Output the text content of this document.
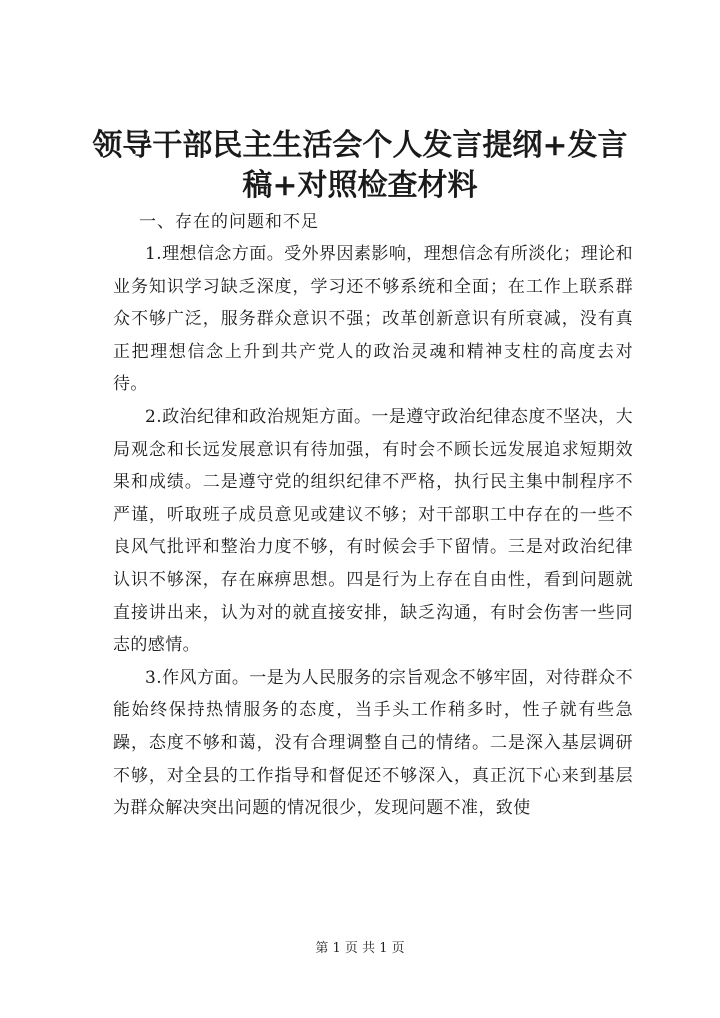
领导干部民主生活会个人发言提纲+发言稿+对照检查材料

一、存在的问题和不足

1.理想信念方面。受外界因素影响，理想信念有所淡化；理论和业务知识学习缺乏深度，学习还不够系统和全面；在工作上联系群众不够广泛，服务群众意识不强；改革创新意识有所衰减，没有真正把理想信念上升到共产党人的政治灵魂和精神支柱的高度去对待。

2.政治纪律和政治规矩方面。一是遵守政治纪律态度不坚决，大局观念和长远发展意识有待加强，有时会不顾长远发展追求短期效果和成绩。二是遵守党的组织纪律不严格，执行民主集中制程序不严谨，听取班子成员意见或建议不够；对干部职工中存在的一些不良风气批评和整治力度不够，有时候会手下留情。三是对政治纪律认识不够深，存在麻痹思想。四是行为上存在自由性，看到问题就直接讲出来，认为对的就直接安排，缺乏沟通，有时会伤害一些同志的感情。

3.作风方面。一是为人民服务的宗旨观念不够牢固，对待群众不能始终保持热情服务的态度，当手头工作稍多时，性子就有些急躁，态度不够和蔼，没有合理调整自己的情绪。二是深入基层调研不够，对全县的工作指导和督促还不够深入，真正沉下心来到基层为群众解决突出问题的情况很少，发现问题不准，致使

第 1 页 共 1 页
